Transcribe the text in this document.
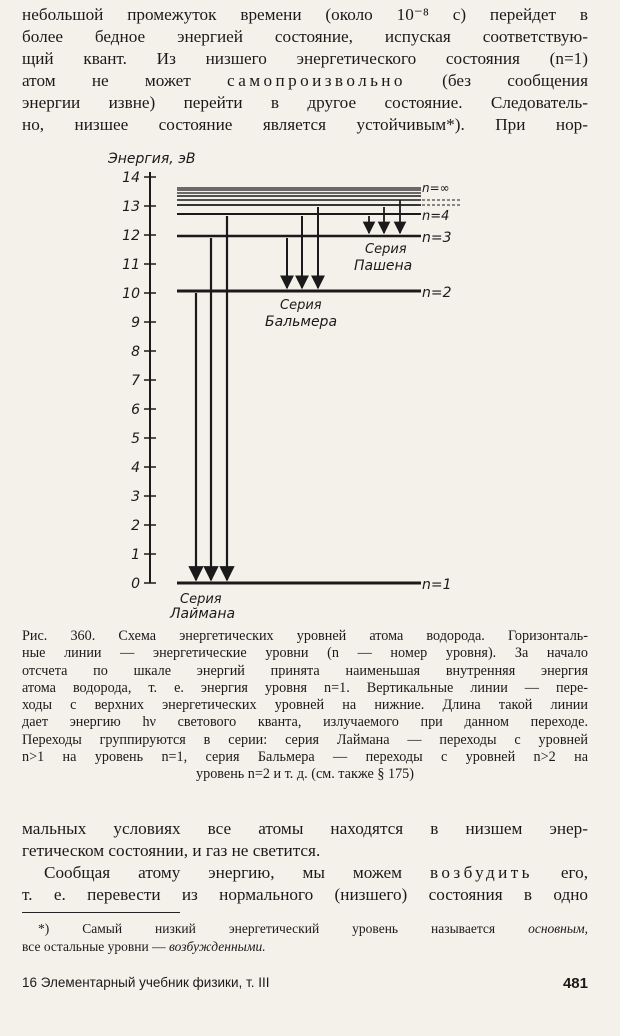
небольшой промежуток времени (около 10⁻⁸ с) перейдет в
более бедное энергией состояние, испуская соответствую-
щий квант. Из низшего энергетического состояния (n=1)
атом не может самопроизвольно (без сообщения
энергии извне) перейти в другое состояние. Следователь-
но, низшее состояние является устойчивым*). При нор-
Энергия, эВ
0
1
2
3
4
5
6
7
8
9
10
11
12
13
14
n=1
n=2
n=3
n=4
n=∞
Серия
Лаймана
Серия
Бальмера
Серия
Пашена
Рис. 360. Схема энергетических уровней атома водорода. Горизонталь-
ные линии — энергетические уровни (n — номер уровня). За начало
отсчета по шкале энергий принята наименьшая внутренняя энергия
атома водорода, т. е. энергия уровня n=1. Вертикальные линии — пере-
ходы с верхних энергетических уровней на нижние. Длина такой линии
дает энергию hν светового кванта, излучаемого при данном переходе.
Переходы группируются в серии: серия Лаймана — переходы с уровней
n>1 на уровень n=1, серия Бальмера — переходы с уровней n>2 на
уровень n=2 и т. д. (см. также § 175)
мальных условиях все атомы находятся в низшем энер-
гетическом состоянии, и газ не светится.
Сообщая атому энергию, мы можем возбудить его,
т. е. перевести из нормального (низшего) состояния в одно
*) Самый низкий энергетический уровень называется основным,
все остальные уровни — возбужденными.
16 Элементарный учебник физики, т. III	481
